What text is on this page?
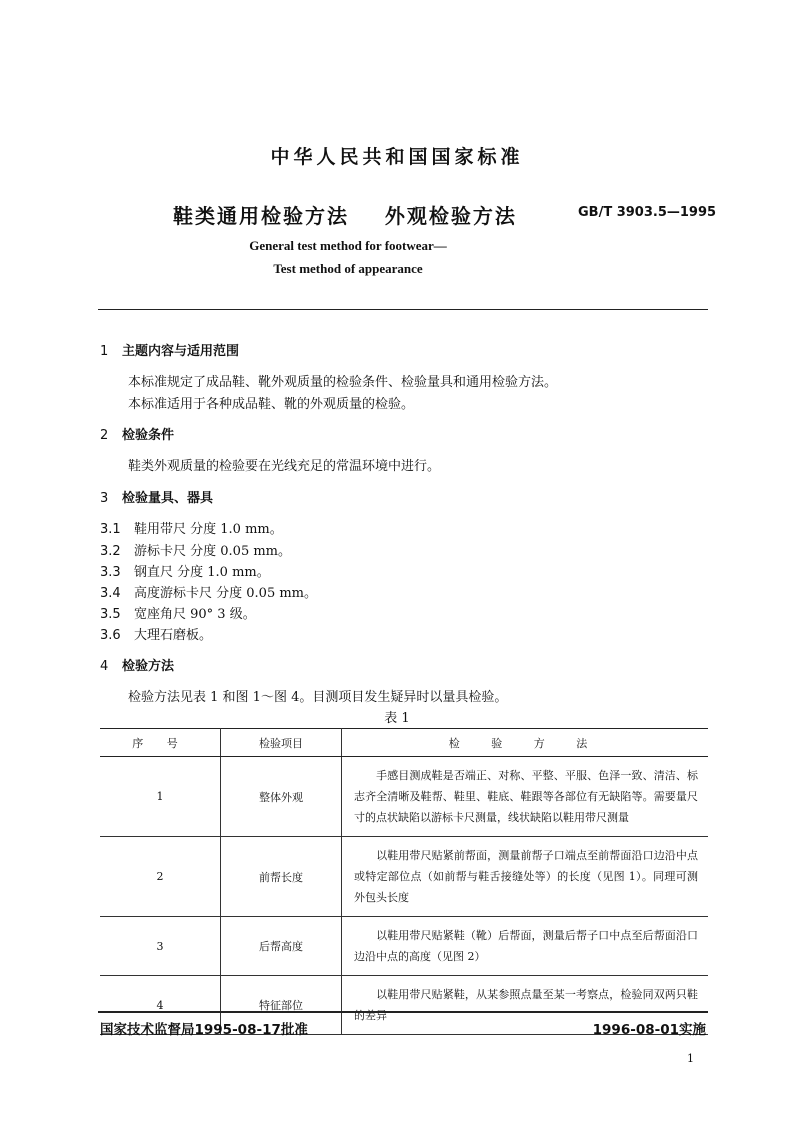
中华人民共和国国家标准
鞋类通用检验方法    外观检验方法	GB/T 3903.5—1995
General test method for footwear—
Test method of appearance
1 主题内容与适用范围
本标准规定了成品鞋、靴外观质量的检验条件、检验量具和通用检验方法。
本标准适用于各种成品鞋、靴的外观质量的检验。
2 检验条件
鞋类外观质量的检验要在光线充足的常温环境中进行。
3 检验量具、器具
3.1 鞋用带尺 分度 1.0 mm。
3.2 游标卡尺 分度 0.05 mm。
3.3 钢直尺 分度 1.0 mm。
3.4 高度游标卡尺 分度 0.05 mm。
3.5 宽座角尺 90° 3 级。
3.6 大理石磨板。
4 检验方法
检验方法见表 1 和图 1～图 4。目测项目发生疑异时以量具检验。
表 1
序 号	检验项目	检 验 方 法
1	整体外观	手感目测成鞋是否端正、对称、平整、平服、色泽一致、清洁、标志齐全清晰及鞋帮、鞋里、鞋底、鞋跟等各部位有无缺陷等。需要量尺寸的点状缺陷以游标卡尺测量，线状缺陷以鞋用带尺测量
2	前帮长度	以鞋用带尺贴紧前帮面，测量前帮子口端点至前帮面沿口边沿中点或特定部位点（如前帮与鞋舌接缝处等）的长度（见图 1）。同理可测外包头长度
3	后帮高度	以鞋用带尺贴紧鞋（靴）后帮面，测量后帮子口中点至后帮面沿口边沿中点的高度（见图 2）
4	特征部位	以鞋用带尺贴紧鞋，从某参照点量至某一考察点，检验同双两只鞋的差异
国家技术监督局1995-08-17批准	1996-08-01实施
1
